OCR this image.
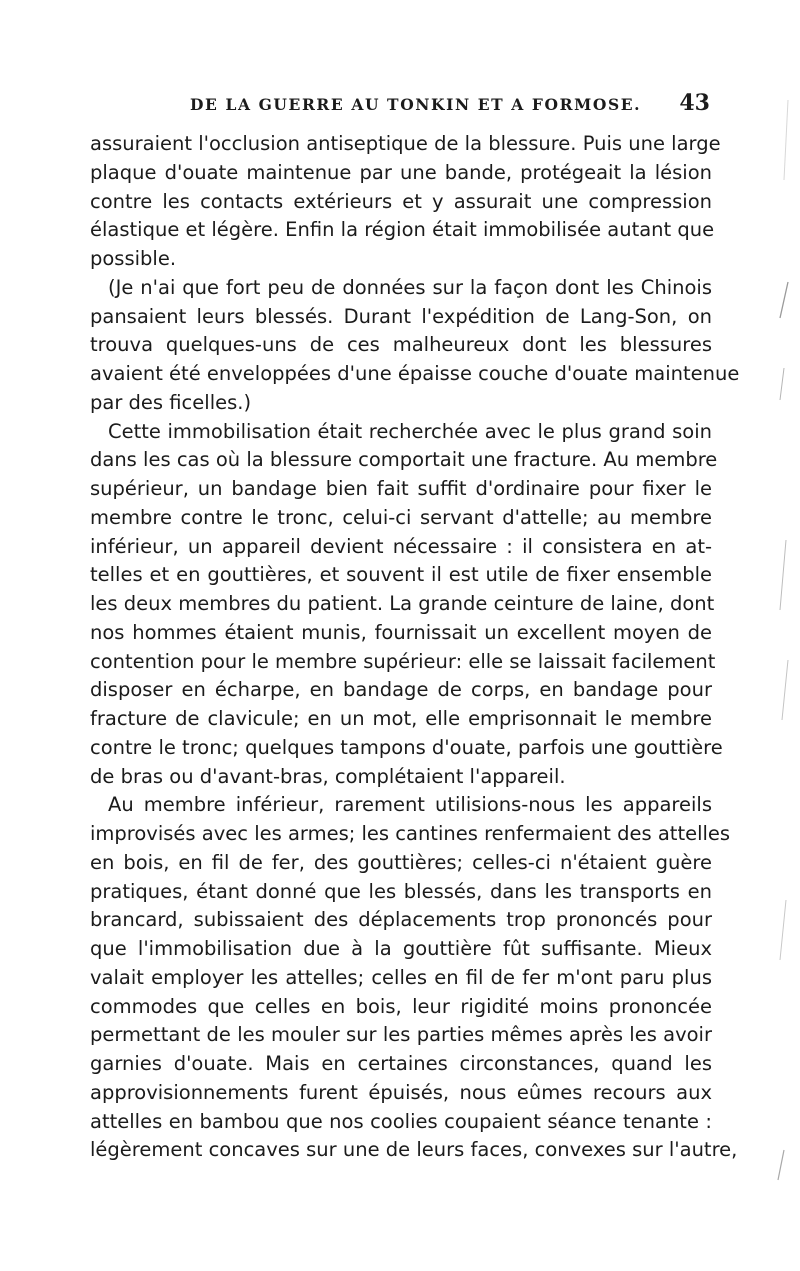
DE LA GUERRE AU TONKIN ET A FORMOSE. 43
assuraient l'occlusion antiseptique de la blessure. Puis une large
plaque d'ouate maintenue par une bande, protégeait la lésion
contre les contacts extérieurs et y assurait une compression
élastique et légère. Enfin la région était immobilisée autant que
possible.
(Je n'ai que fort peu de données sur la façon dont les Chinois
pansaient leurs blessés. Durant l'expédition de Lang-Son, on
trouva quelques-uns de ces malheureux dont les blessures
avaient été enveloppées d'une épaisse couche d'ouate maintenue
par des ficelles.)
Cette immobilisation était recherchée avec le plus grand soin
dans les cas où la blessure comportait une fracture. Au membre
supérieur, un bandage bien fait suffit d'ordinaire pour fixer le
membre contre le tronc, celui-ci servant d'attelle; au membre
inférieur, un appareil devient nécessaire : il consistera en at-
telles et en gouttières, et souvent il est utile de fixer ensemble
les deux membres du patient. La grande ceinture de laine, dont
nos hommes étaient munis, fournissait un excellent moyen de
contention pour le membre supérieur: elle se laissait facilement
disposer en écharpe, en bandage de corps, en bandage pour
fracture de clavicule; en un mot, elle emprisonnait le membre
contre le tronc; quelques tampons d'ouate, parfois une gouttière
de bras ou d'avant-bras, complétaient l'appareil.
Au membre inférieur, rarement utilisions-nous les appareils
improvisés avec les armes; les cantines renfermaient des attelles
en bois, en fil de fer, des gouttières; celles-ci n'étaient guère
pratiques, étant donné que les blessés, dans les transports en
brancard, subissaient des déplacements trop prononcés pour
que l'immobilisation due à la gouttière fût suffisante. Mieux
valait employer les attelles; celles en fil de fer m'ont paru plus
commodes que celles en bois, leur rigidité moins prononcée
permettant de les mouler sur les parties mêmes après les avoir
garnies d'ouate. Mais en certaines circonstances, quand les
approvisionnements furent épuisés, nous eûmes recours aux
attelles en bambou que nos coolies coupaient séance tenante :
légèrement concaves sur une de leurs faces, convexes sur l'autre,
